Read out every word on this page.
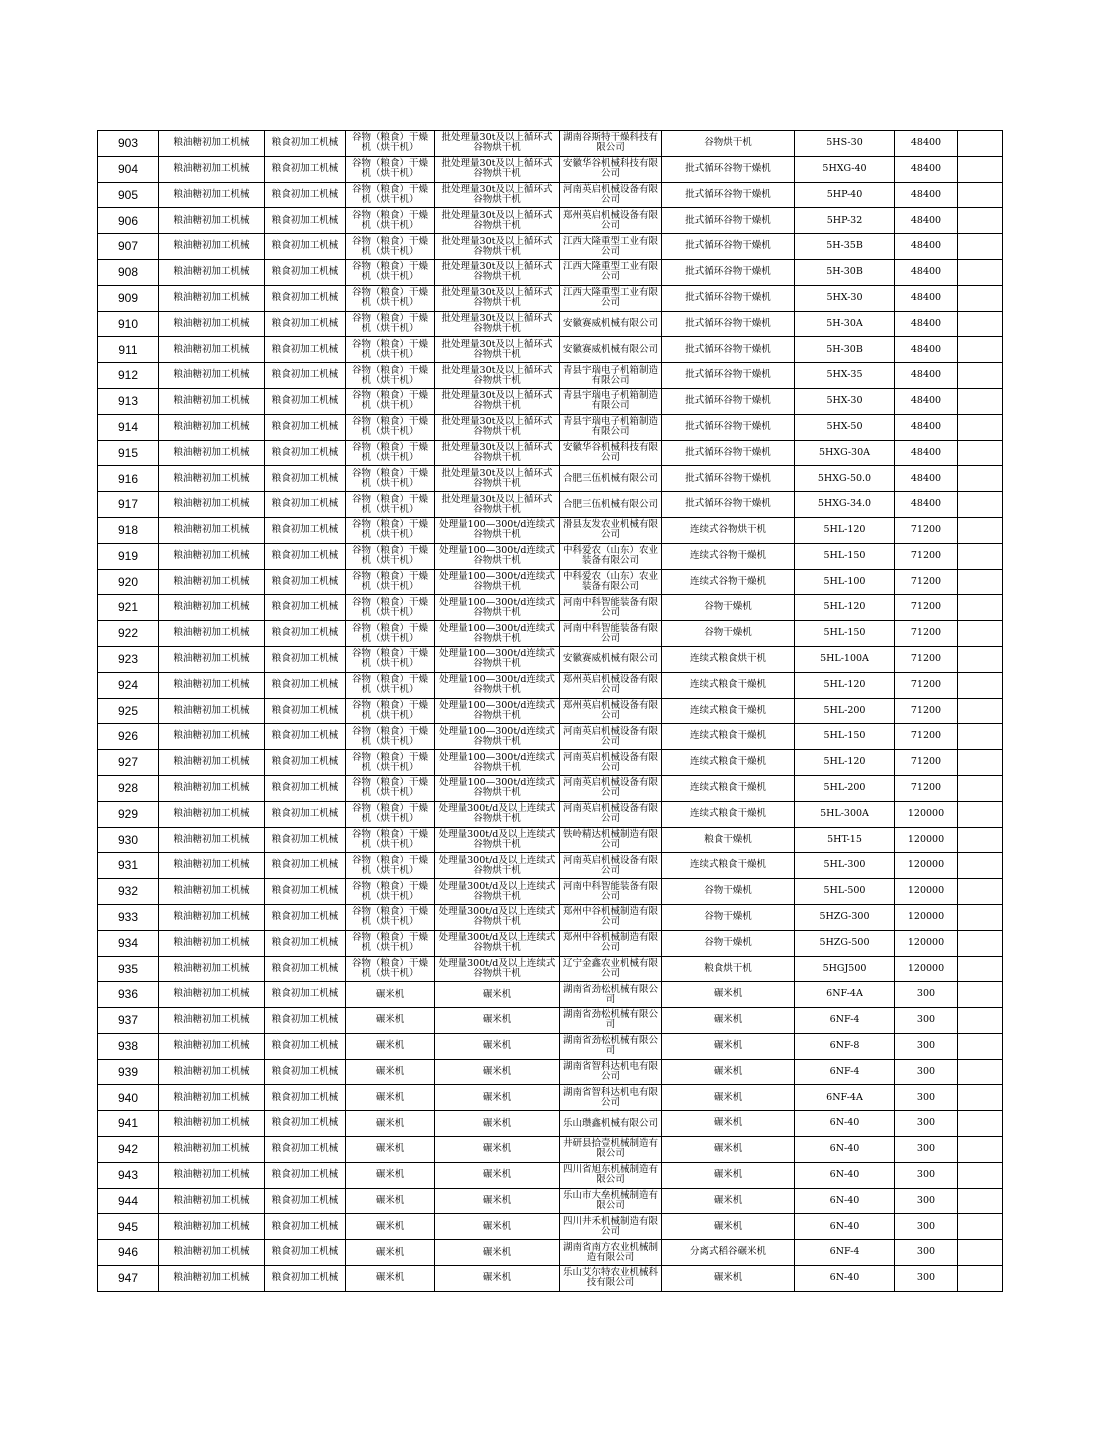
903	粮油糖初加工机械	粮食初加工机械	谷物（粮食）干燥机（烘干机）	批处理量30t及以上循环式谷物烘干机	湖南谷斯特干燥科技有限公司	谷物烘干机	5HS-30	48400	
904	粮油糖初加工机械	粮食初加工机械	谷物（粮食）干燥机（烘干机）	批处理量30t及以上循环式谷物烘干机	安徽华谷机械科技有限公司	批式循环谷物干燥机	5HXG-40	48400	
905	粮油糖初加工机械	粮食初加工机械	谷物（粮食）干燥机（烘干机）	批处理量30t及以上循环式谷物烘干机	河南英启机械设备有限公司	批式循环谷物干燥机	5HP-40	48400	
906	粮油糖初加工机械	粮食初加工机械	谷物（粮食）干燥机（烘干机）	批处理量30t及以上循环式谷物烘干机	郑州英启机械设备有限公司	批式循环谷物干燥机	5HP-32	48400	
907	粮油糖初加工机械	粮食初加工机械	谷物（粮食）干燥机（烘干机）	批处理量30t及以上循环式谷物烘干机	江西大隆重型工业有限公司	批式循环谷物干燥机	5H-35B	48400	
908	粮油糖初加工机械	粮食初加工机械	谷物（粮食）干燥机（烘干机）	批处理量30t及以上循环式谷物烘干机	江西大隆重型工业有限公司	批式循环谷物干燥机	5H-30B	48400	
909	粮油糖初加工机械	粮食初加工机械	谷物（粮食）干燥机（烘干机）	批处理量30t及以上循环式谷物烘干机	江西大隆重型工业有限公司	批式循环谷物干燥机	5HX-30	48400	
910	粮油糖初加工机械	粮食初加工机械	谷物（粮食）干燥机（烘干机）	批处理量30t及以上循环式谷物烘干机	安徽赛威机械有限公司	批式循环谷物干燥机	5H-30A	48400	
911	粮油糖初加工机械	粮食初加工机械	谷物（粮食）干燥机（烘干机）	批处理量30t及以上循环式谷物烘干机	安徽赛威机械有限公司	批式循环谷物干燥机	5H-30B	48400	
912	粮油糖初加工机械	粮食初加工机械	谷物（粮食）干燥机（烘干机）	批处理量30t及以上循环式谷物烘干机	青县宇瑞电子机箱制造有限公司	批式循环谷物干燥机	5HX-35	48400	
913	粮油糖初加工机械	粮食初加工机械	谷物（粮食）干燥机（烘干机）	批处理量30t及以上循环式谷物烘干机	青县宇瑞电子机箱制造有限公司	批式循环谷物干燥机	5HX-30	48400	
914	粮油糖初加工机械	粮食初加工机械	谷物（粮食）干燥机（烘干机）	批处理量30t及以上循环式谷物烘干机	青县宇瑞电子机箱制造有限公司	批式循环谷物干燥机	5HX-50	48400	
915	粮油糖初加工机械	粮食初加工机械	谷物（粮食）干燥机（烘干机）	批处理量30t及以上循环式谷物烘干机	安徽华谷机械科技有限公司	批式循环谷物干燥机	5HXG-30A	48400	
916	粮油糖初加工机械	粮食初加工机械	谷物（粮食）干燥机（烘干机）	批处理量30t及以上循环式谷物烘干机	合肥三伍机械有限公司	批式循环谷物干燥机	5HXG-50.0	48400	
917	粮油糖初加工机械	粮食初加工机械	谷物（粮食）干燥机（烘干机）	批处理量30t及以上循环式谷物烘干机	合肥三伍机械有限公司	批式循环谷物干燥机	5HXG-34.0	48400	
918	粮油糖初加工机械	粮食初加工机械	谷物（粮食）干燥机（烘干机）	处理量100—300t/d连续式谷物烘干机	滑县友发农业机械有限公司	连续式谷物烘干机	5HL-120	71200	
919	粮油糖初加工机械	粮食初加工机械	谷物（粮食）干燥机（烘干机）	处理量100—300t/d连续式谷物烘干机	中科爱农（山东）农业装备有限公司	连续式谷物干燥机	5HL-150	71200	
920	粮油糖初加工机械	粮食初加工机械	谷物（粮食）干燥机（烘干机）	处理量100—300t/d连续式谷物烘干机	中科爱农（山东）农业装备有限公司	连续式谷物干燥机	5HL-100	71200	
921	粮油糖初加工机械	粮食初加工机械	谷物（粮食）干燥机（烘干机）	处理量100—300t/d连续式谷物烘干机	河南中科智能装备有限公司	谷物干燥机	5HL-120	71200	
922	粮油糖初加工机械	粮食初加工机械	谷物（粮食）干燥机（烘干机）	处理量100—300t/d连续式谷物烘干机	河南中科智能装备有限公司	谷物干燥机	5HL-150	71200	
923	粮油糖初加工机械	粮食初加工机械	谷物（粮食）干燥机（烘干机）	处理量100—300t/d连续式谷物烘干机	安徽赛威机械有限公司	连续式粮食烘干机	5HL-100A	71200	
924	粮油糖初加工机械	粮食初加工机械	谷物（粮食）干燥机（烘干机）	处理量100—300t/d连续式谷物烘干机	郑州英启机械设备有限公司	连续式粮食干燥机	5HL-120	71200	
925	粮油糖初加工机械	粮食初加工机械	谷物（粮食）干燥机（烘干机）	处理量100—300t/d连续式谷物烘干机	郑州英启机械设备有限公司	连续式粮食干燥机	5HL-200	71200	
926	粮油糖初加工机械	粮食初加工机械	谷物（粮食）干燥机（烘干机）	处理量100—300t/d连续式谷物烘干机	河南英启机械设备有限公司	连续式粮食干燥机	5HL-150	71200	
927	粮油糖初加工机械	粮食初加工机械	谷物（粮食）干燥机（烘干机）	处理量100—300t/d连续式谷物烘干机	河南英启机械设备有限公司	连续式粮食干燥机	5HL-120	71200	
928	粮油糖初加工机械	粮食初加工机械	谷物（粮食）干燥机（烘干机）	处理量100—300t/d连续式谷物烘干机	河南英启机械设备有限公司	连续式粮食干燥机	5HL-200	71200	
929	粮油糖初加工机械	粮食初加工机械	谷物（粮食）干燥机（烘干机）	处理量300t/d及以上连续式谷物烘干机	河南英启机械设备有限公司	连续式粮食干燥机	5HL-300A	120000	
930	粮油糖初加工机械	粮食初加工机械	谷物（粮食）干燥机（烘干机）	处理量300t/d及以上连续式谷物烘干机	铁岭精达机械制造有限公司	粮食干燥机	5HT-15	120000	
931	粮油糖初加工机械	粮食初加工机械	谷物（粮食）干燥机（烘干机）	处理量300t/d及以上连续式谷物烘干机	河南英启机械设备有限公司	连续式粮食干燥机	5HL-300	120000	
932	粮油糖初加工机械	粮食初加工机械	谷物（粮食）干燥机（烘干机）	处理量300t/d及以上连续式谷物烘干机	河南中科智能装备有限公司	谷物干燥机	5HL-500	120000	
933	粮油糖初加工机械	粮食初加工机械	谷物（粮食）干燥机（烘干机）	处理量300t/d及以上连续式谷物烘干机	郑州中谷机械制造有限公司	谷物干燥机	5HZG-300	120000	
934	粮油糖初加工机械	粮食初加工机械	谷物（粮食）干燥机（烘干机）	处理量300t/d及以上连续式谷物烘干机	郑州中谷机械制造有限公司	谷物干燥机	5HZG-500	120000	
935	粮油糖初加工机械	粮食初加工机械	谷物（粮食）干燥机（烘干机）	处理量300t/d及以上连续式谷物烘干机	辽宁金鑫农业机械有限公司	粮食烘干机	5HGJ500	120000	
936	粮油糖初加工机械	粮食初加工机械	碾米机	碾米机	湖南省劲松机械有限公司	碾米机	6NF-4A	300	
937	粮油糖初加工机械	粮食初加工机械	碾米机	碾米机	湖南省劲松机械有限公司	碾米机	6NF-4	300	
938	粮油糖初加工机械	粮食初加工机械	碾米机	碾米机	湖南省劲松机械有限公司	碾米机	6NF-8	300	
939	粮油糖初加工机械	粮食初加工机械	碾米机	碾米机	湖南省智科达机电有限公司	碾米机	6NF-4	300	
940	粮油糖初加工机械	粮食初加工机械	碾米机	碾米机	湖南省智科达机电有限公司	碾米机	6NF-4A	300	
941	粮油糖初加工机械	粮食初加工机械	碾米机	碾米机	乐山瓒鑫机械有限公司	碾米机	6N-40	300	
942	粮油糖初加工机械	粮食初加工机械	碾米机	碾米机	井研县拾壹机械制造有限公司	碾米机	6N-40	300	
943	粮油糖初加工机械	粮食初加工机械	碾米机	碾米机	四川省旭东机械制造有限公司	碾米机	6N-40	300	
944	粮油糖初加工机械	粮食初加工机械	碾米机	碾米机	乐山市大垒机械制造有限公司	碾米机	6N-40	300	
945	粮油糖初加工机械	粮食初加工机械	碾米机	碾米机	四川井禾机械制造有限公司	碾米机	6N-40	300	
946	粮油糖初加工机械	粮食初加工机械	碾米机	碾米机	湖南省南方农业机械制造有限公司	分离式稻谷碾米机	6NF-4	300	
947	粮油糖初加工机械	粮食初加工机械	碾米机	碾米机	乐山艾尔特农业机械科技有限公司	碾米机	6N-40	300	
